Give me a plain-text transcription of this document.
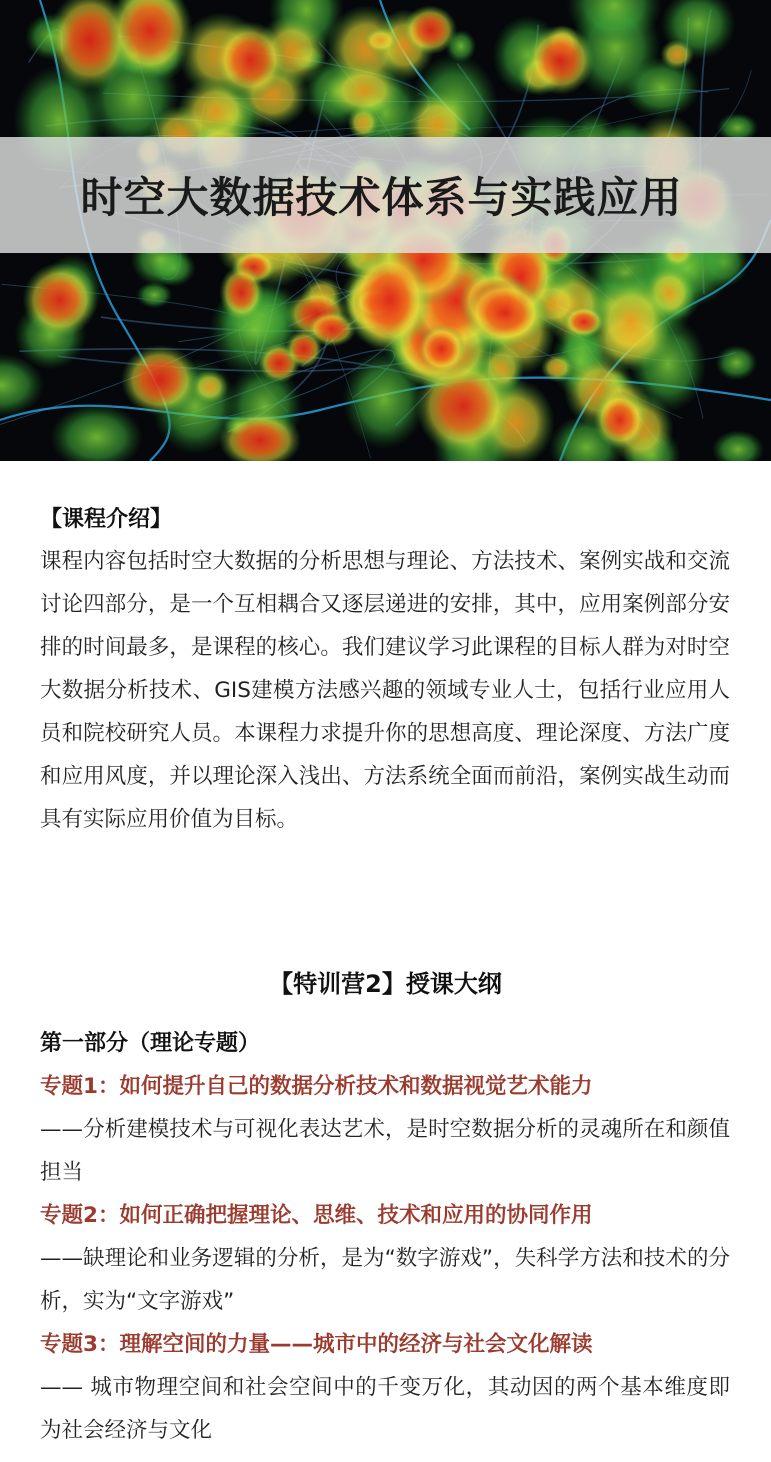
时空大数据技术体系与实践应用
【课程介绍】

课程内容包括时空大数据的分析思想与理论、方法技术、案例实战和交流讨论四部分，是一个互相耦合又逐层递进的安排，其中，应用案例部分安排的时间最多，是课程的核心。我们建议学习此课程的目标人群为对时空大数据分析技术、GIS建模方法感兴趣的领域专业人士，包括行业应用人员和院校研究人员。本课程力求提升你的思想高度、理论深度、方法广度和应用风度，并以理论深入浅出、方法系统全面而前沿，案例实战生动而具有实际应用价值为目标。

【特训营2】授课大纲
第一部分（理论专题）
专题1：如何提升自己的数据分析技术和数据视觉艺术能力
——分析建模技术与可视化表达艺术，是时空数据分析的灵魂所在和颜值担当
专题2：如何正确把握理论、思维、技术和应用的协同作用
——缺理论和业务逻辑的分析，是为“数字游戏”，失科学方法和技术的分析，实为“文字游戏”
专题3：理解空间的力量——城市中的经济与社会文化解读
—— 城市物理空间和社会空间中的千变万化，其动因的两个基本维度即为社会经济与文化
